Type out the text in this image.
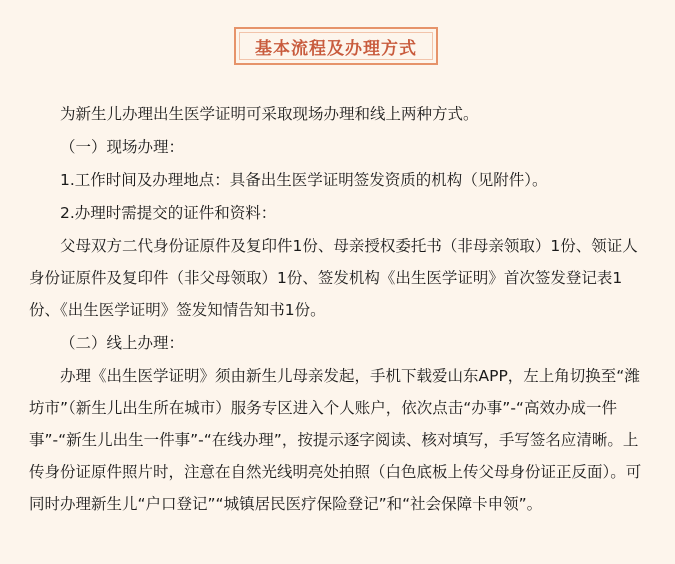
基本流程及办理方式

为新生儿办理出生医学证明可采取现场办理和线上两种方式。

（一）现场办理：

1.工作时间及办理地点：具备出生医学证明签发资质的机构（见附件）。

2.办理时需提交的证件和资料：

父母双方二代身份证原件及复印件1份、母亲授权委托书（非母亲领取）1份、领证人身份证原件及复印件（非父母领取）1份、签发机构《出生医学证明》首次签发登记表1份、《出生医学证明》签发知情告知书1份。

（二）线上办理：

办理《出生医学证明》须由新生儿母亲发起，手机下载爱山东APP，左上角切换至“潍坊市”（新生儿出生所在城市）服务专区进入个人账户，依次点击“办事”-“高效办成一件事”-“新生儿出生一件事”-“在线办理”，按提示逐字阅读、核对填写，手写签名应清晰。上传身份证原件照片时，注意在自然光线明亮处拍照（白色底板上传父母身份证正反面）。可同时办理新生儿“户口登记”“城镇居民医疗保险登记”和“社会保障卡申领”。
